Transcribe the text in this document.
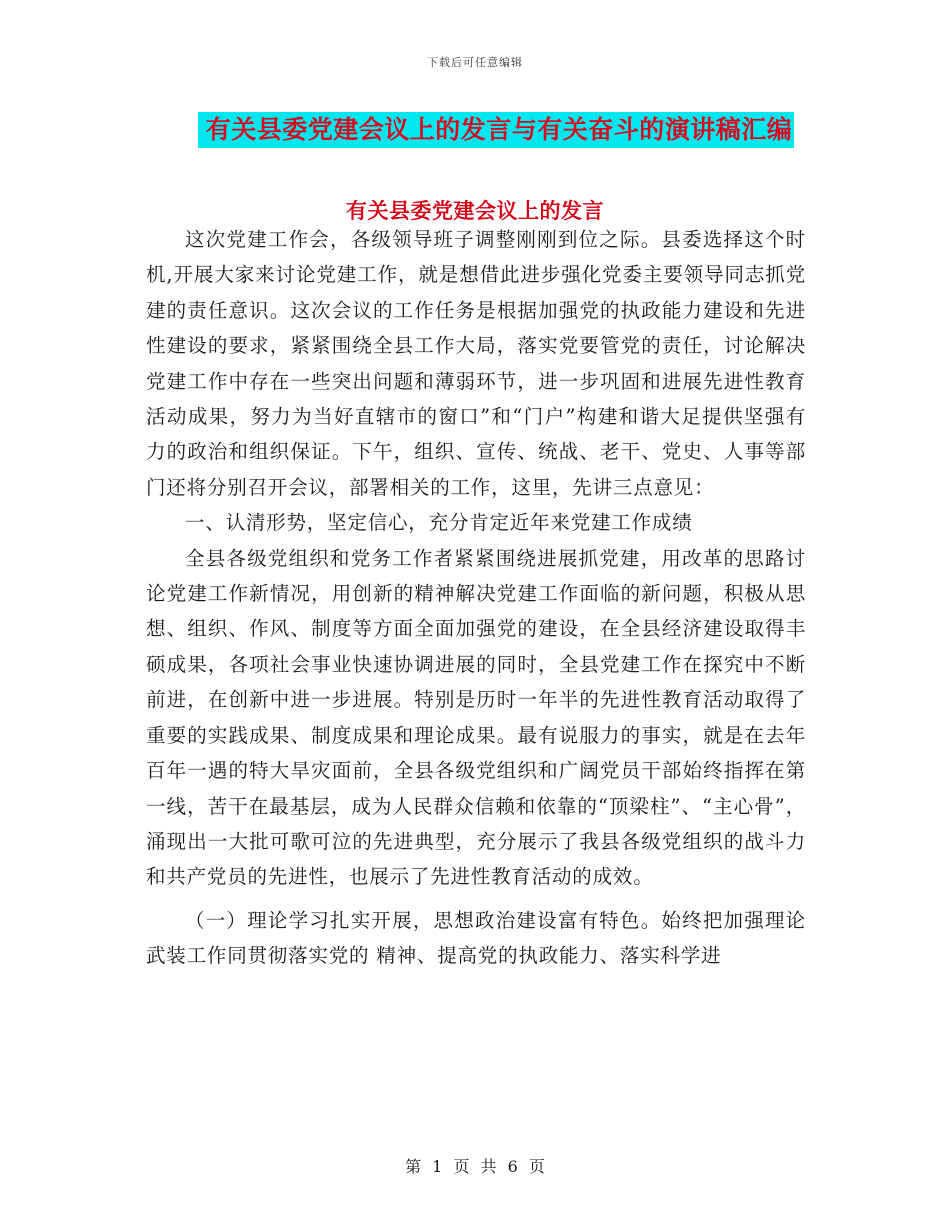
下载后可任意编辑
有关县委党建会议上的发言与有关奋斗的演讲稿汇编
有关县委党建会议上的发言

这次党建工作会，各级领导班子调整刚刚到位之际。县委选择这个时机,开展大家来讨论党建工作，就是想借此进步强化党委主要领导同志抓党建的责任意识。这次会议的工作任务是根据加强党的执政能力建设和先进性建设的要求，紧紧围绕全县工作大局，落实党要管党的责任，讨论解决党建工作中存在一些突出问题和薄弱环节，进一步巩固和进展先进性教育活动成果，努力为当好直辖市的窗口”和“门户”构建和谐大足提供坚强有力的政治和组织保证。下午，组织、宣传、统战、老干、党史、人事等部门还将分别召开会议，部署相关的工作，这里，先讲三点意见：

一、认清形势，坚定信心，充分肯定近年来党建工作成绩

全县各级党组织和党务工作者紧紧围绕进展抓党建，用改革的思路讨论党建工作新情况，用创新的精神解决党建工作面临的新问题，积极从思想、组织、作风、制度等方面全面加强党的建设，在全县经济建设取得丰硕成果，各项社会事业快速协调进展的同时，全县党建工作在探究中不断前进，在创新中进一步进展。特别是历时一年半的先进性教育活动取得了重要的实践成果、制度成果和理论成果。最有说服力的事实，就是在去年百年一遇的特大旱灾面前，全县各级党组织和广阔党员干部始终指挥在第一线，苦干在最基层，成为人民群众信赖和依靠的“顶梁柱”、“主心骨”，涌现出一大批可歌可泣的先进典型，充分展示了我县各级党组织的战斗力和共产党员的先进性，也展示了先进性教育活动的成效。

（一）理论学习扎实开展，思想政治建设富有特色。始终把加强理论武装工作同贯彻落实党的 精神、提高党的执政能力、落实科学进

第 1 页 共 6 页
